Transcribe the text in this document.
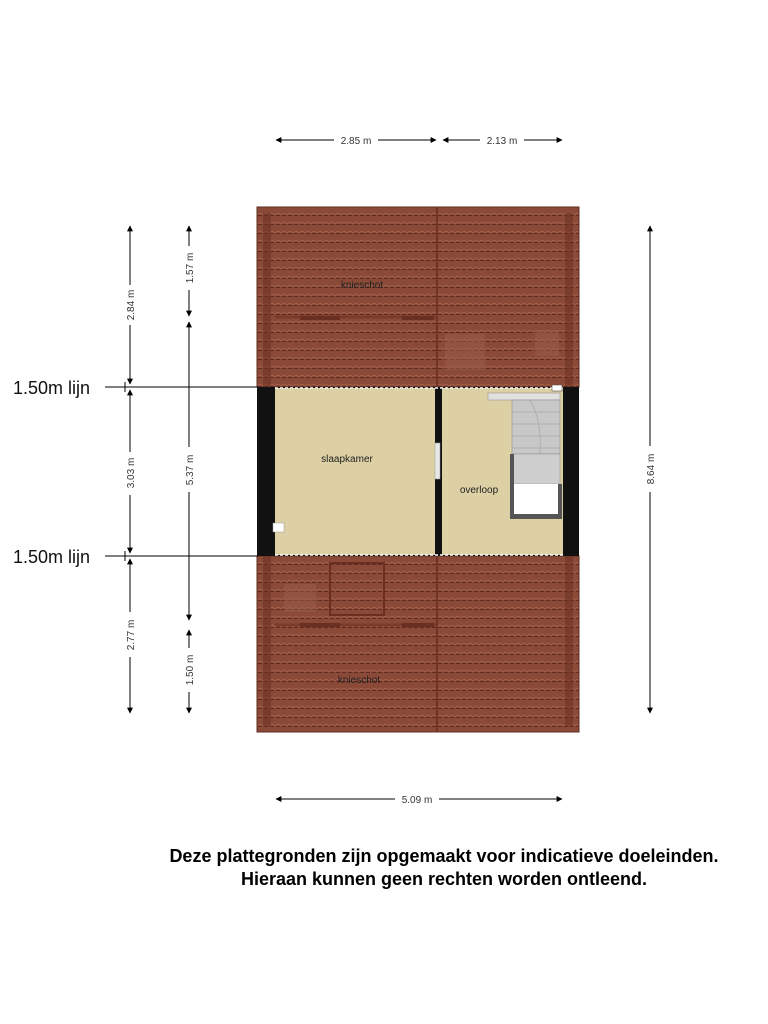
knieschot
slaapkamer
overloop
knieschot
2.85 m	2.13 m
5.09 m
2.84 m
3.03 m
2.77 m
1.57 m
5.37 m
1.50 m
8.64 m
1.50m lijn
1.50m lijn
Deze plattegronden zijn opgemaakt voor indicatieve doeleinden.
Hieraan kunnen geen rechten worden ontleend.
